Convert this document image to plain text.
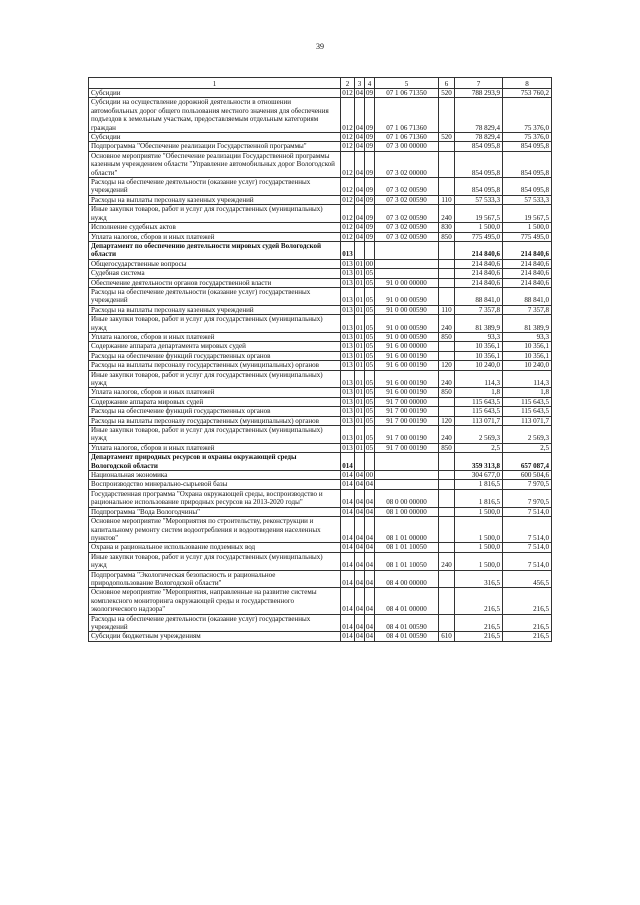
39
1	2	3	4	5	6	7	8
Субсидии	012	04	09	07 1 06 71350	520	788 293,9	753 760,2
Субсидии на осуществление дорожной деятельности в отношении автомобильных дорог общего пользования местного значения для обеспечения подъездов к земельным участкам, предоставляемым отдельным категориям граждан	012	04	09	07 1 06 71360		78 829,4	75 376,0
Субсидии	012	04	09	07 1 06 71360	520	78 829,4	75 376,0
Подпрограмма "Обеспечение реализации Государственной программы"	012	04	09	07 3 00 00000		854 095,8	854 095,8
Основное мероприятие "Обеспечение реализации Государственной программы казенным учреждением области "Управление автомобильных дорог Вологодской области"	012	04	09	07 3 02 00000		854 095,8	854 095,8
Расходы на обеспечение деятельности (оказание услуг) государственных учреждений	012	04	09	07 3 02 00590		854 095,8	854 095,8
Расходы на выплаты персоналу казенных учреждений	012	04	09	07 3 02 00590	110	57 533,3	57 533,3
Иные закупки товаров, работ и услуг для государственных (муниципальных) нужд	012	04	09	07 3 02 00590	240	19 567,5	19 567,5
Исполнение судебных актов	012	04	09	07 3 02 00590	830	1 500,0	1 500,0
Уплата налогов, сборов и иных платежей	012	04	09	07 3 02 00590	850	775 495,0	775 495,0
Департамент по обеспечению деятельности мировых судей Вологодской области	013					214 840,6	214 840,6
Общегосударственные вопросы	013	01	00			214 840,6	214 840,6
Судебная система	013	01	05			214 840,6	214 840,6
Обеспечение деятельности органов государственной власти	013	01	05	91 0 00 00000		214 840,6	214 840,6
Расходы на обеспечение деятельности (оказание услуг) государственных учреждений	013	01	05	91 0 00 00590		88 841,0	88 841,0
Расходы на выплаты персоналу казенных учреждений	013	01	05	91 0 00 00590	110	7 357,8	7 357,8
Иные закупки товаров, работ и услуг для государственных (муниципальных) нужд	013	01	05	91 0 00 00590	240	81 389,9	81 389,9
Уплата налогов, сборов и иных платежей	013	01	05	91 0 00 00590	850	93,3	93,3
Содержание аппарата департамента мировых судей	013	01	05	91 6 00 00000		10 356,1	10 356,1
Расходы на обеспечение функций государственных органов	013	01	05	91 6 00 00190		10 356,1	10 356,1
Расходы на выплаты персоналу государственных (муниципальных) органов	013	01	05	91 6 00 00190	120	10 240,0	10 240,0
Иные закупки товаров, работ и услуг для государственных (муниципальных) нужд	013	01	05	91 6 00 00190	240	114,3	114,3
Уплата налогов, сборов и иных платежей	013	01	05	91 6 00 00190	850	1,8	1,8
Содержание аппарата мировых судей	013	01	05	91 7 00 00000		115 643,5	115 643,5
Расходы на обеспечение функций государственных органов	013	01	05	91 7 00 00190		115 643,5	115 643,5
Расходы на выплаты персоналу государственных (муниципальных) органов	013	01	05	91 7 00 00190	120	113 071,7	113 071,7
Иные закупки товаров, работ и услуг для государственных (муниципальных) нужд	013	01	05	91 7 00 00190	240	2 569,3	2 569,3
Уплата налогов, сборов и иных платежей	013	01	05	91 7 00 00190	850	2,5	2,5
Департамент природных ресурсов и охраны окружающей среды Вологодской области	014					359 313,8	657 087,4
Национальная экономика	014	04	00			304 677,0	600 504,6
Воспроизводство минерально-сырьевой базы	014	04	04			1 816,5	7 970,5
Государственная программа "Охрана окружающей среды, воспроизводство и рациональное использование природных ресурсов на 2013-2020 годы"	014	04	04	08 0 00 00000		1 816,5	7 970,5
Подпрограмма "Вода Вологодчины"	014	04	04	08 1 00 00000		1 500,0	7 514,0
Основное мероприятие "Мероприятия по строительству, реконструкции и капитальному ремонту систем водоотребления и водоотведения населенных пунктов"	014	04	04	08 1 01 00000		1 500,0	7 514,0
Охрана и рациональное использование подземных вод	014	04	04	08 1 01 10050		1 500,0	7 514,0
Иные закупки товаров, работ и услуг для государственных (муниципальных) нужд	014	04	04	08 1 01 10050	240	1 500,0	7 514,0
Подпрограмма "Экологическая безопасность и рациональное природопользование Вологодской области"	014	04	04	08 4 00 00000		316,5	456,5
Основное мероприятие "Мероприятия, направленные на развитие системы комплексного мониторинга окружающей среды и государственного экологического надзора"	014	04	04	08 4 01 00000		216,5	216,5
Расходы на обеспечение деятельности (оказание услуг) государственных учреждений	014	04	04	08 4 01 00590		216,5	216,5
Субсидии бюджетным учреждениям	014	04	04	08 4 01 00590	610	216,5	216,5
